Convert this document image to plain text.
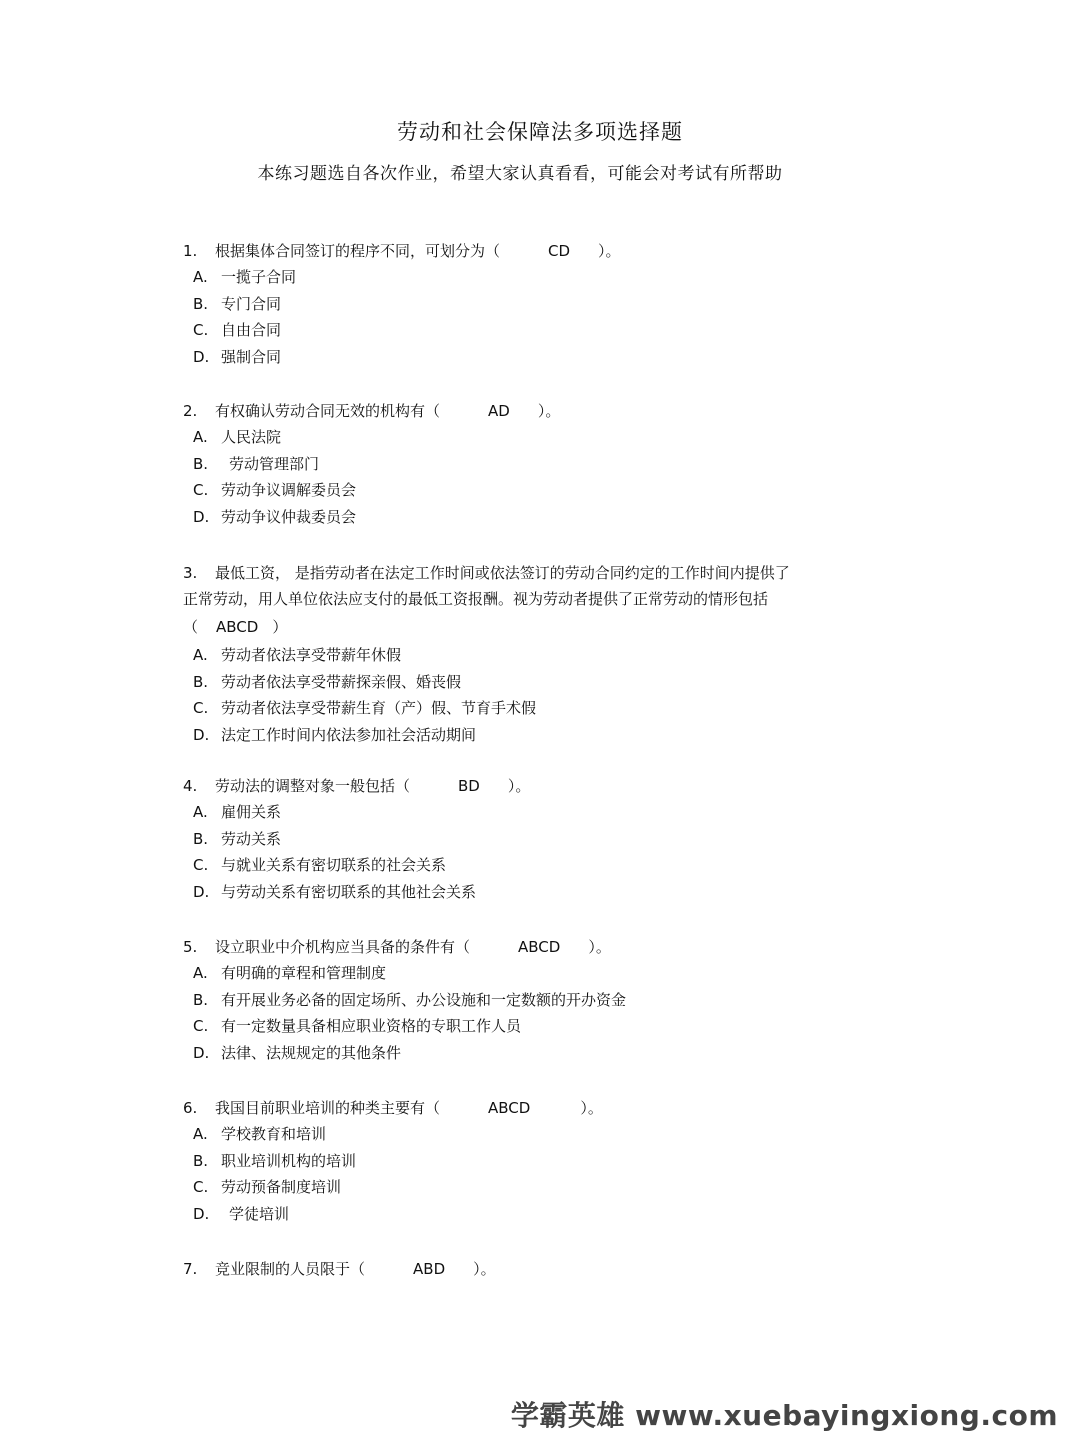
劳动和社会保障法多项选择题
本练习题选自各次作业，希望大家认真看看，可能会对考试有所帮助
1. 根据集体合同签订的程序不同，可划分为（	CD ）。
A. 一揽子合同
B. 专门合同
C. 自由合同
D. 强制合同
2. 有权确认劳动合同无效的机构有（	AD ）。
A. 人民法院
B. 劳动管理部门
C. 劳动争议调解委员会
D. 劳动争议仲裁委员会
3. 最低工资， 是指劳动者在法定工作时间或依法签订的劳动合同约定的工作时间内提供了
正常劳动，用人单位依法应支付的最低工资报酬。视为劳动者提供了正常劳动的情形包括
（ ABCD ）
A. 劳动者依法享受带薪年休假
B. 劳动者依法享受带薪探亲假、婚丧假
C. 劳动者依法享受带薪生育（产）假、节育手术假
D. 法定工作时间内依法参加社会活动期间
4. 劳动法的调整对象一般包括（	BD ）。
A. 雇佣关系
B. 劳动关系
C. 与就业关系有密切联系的社会关系
D. 与劳动关系有密切联系的其他社会关系
5. 设立职业中介机构应当具备的条件有（	ABCD ）。
A. 有明确的章程和管理制度
B. 有开展业务必备的固定场所、办公设施和一定数额的开办资金
C. 有一定数量具备相应职业资格的专职工作人员
D. 法律、法规规定的其他条件
6. 我国目前职业培训的种类主要有（	ABCD	）。
A. 学校教育和培训
B. 职业培训机构的培训
C. 劳动预备制度培训
D. 学徒培训
7. 竞业限制的人员限于（	ABD ）。
学霸英雄 www.xuebayingxiong.com
